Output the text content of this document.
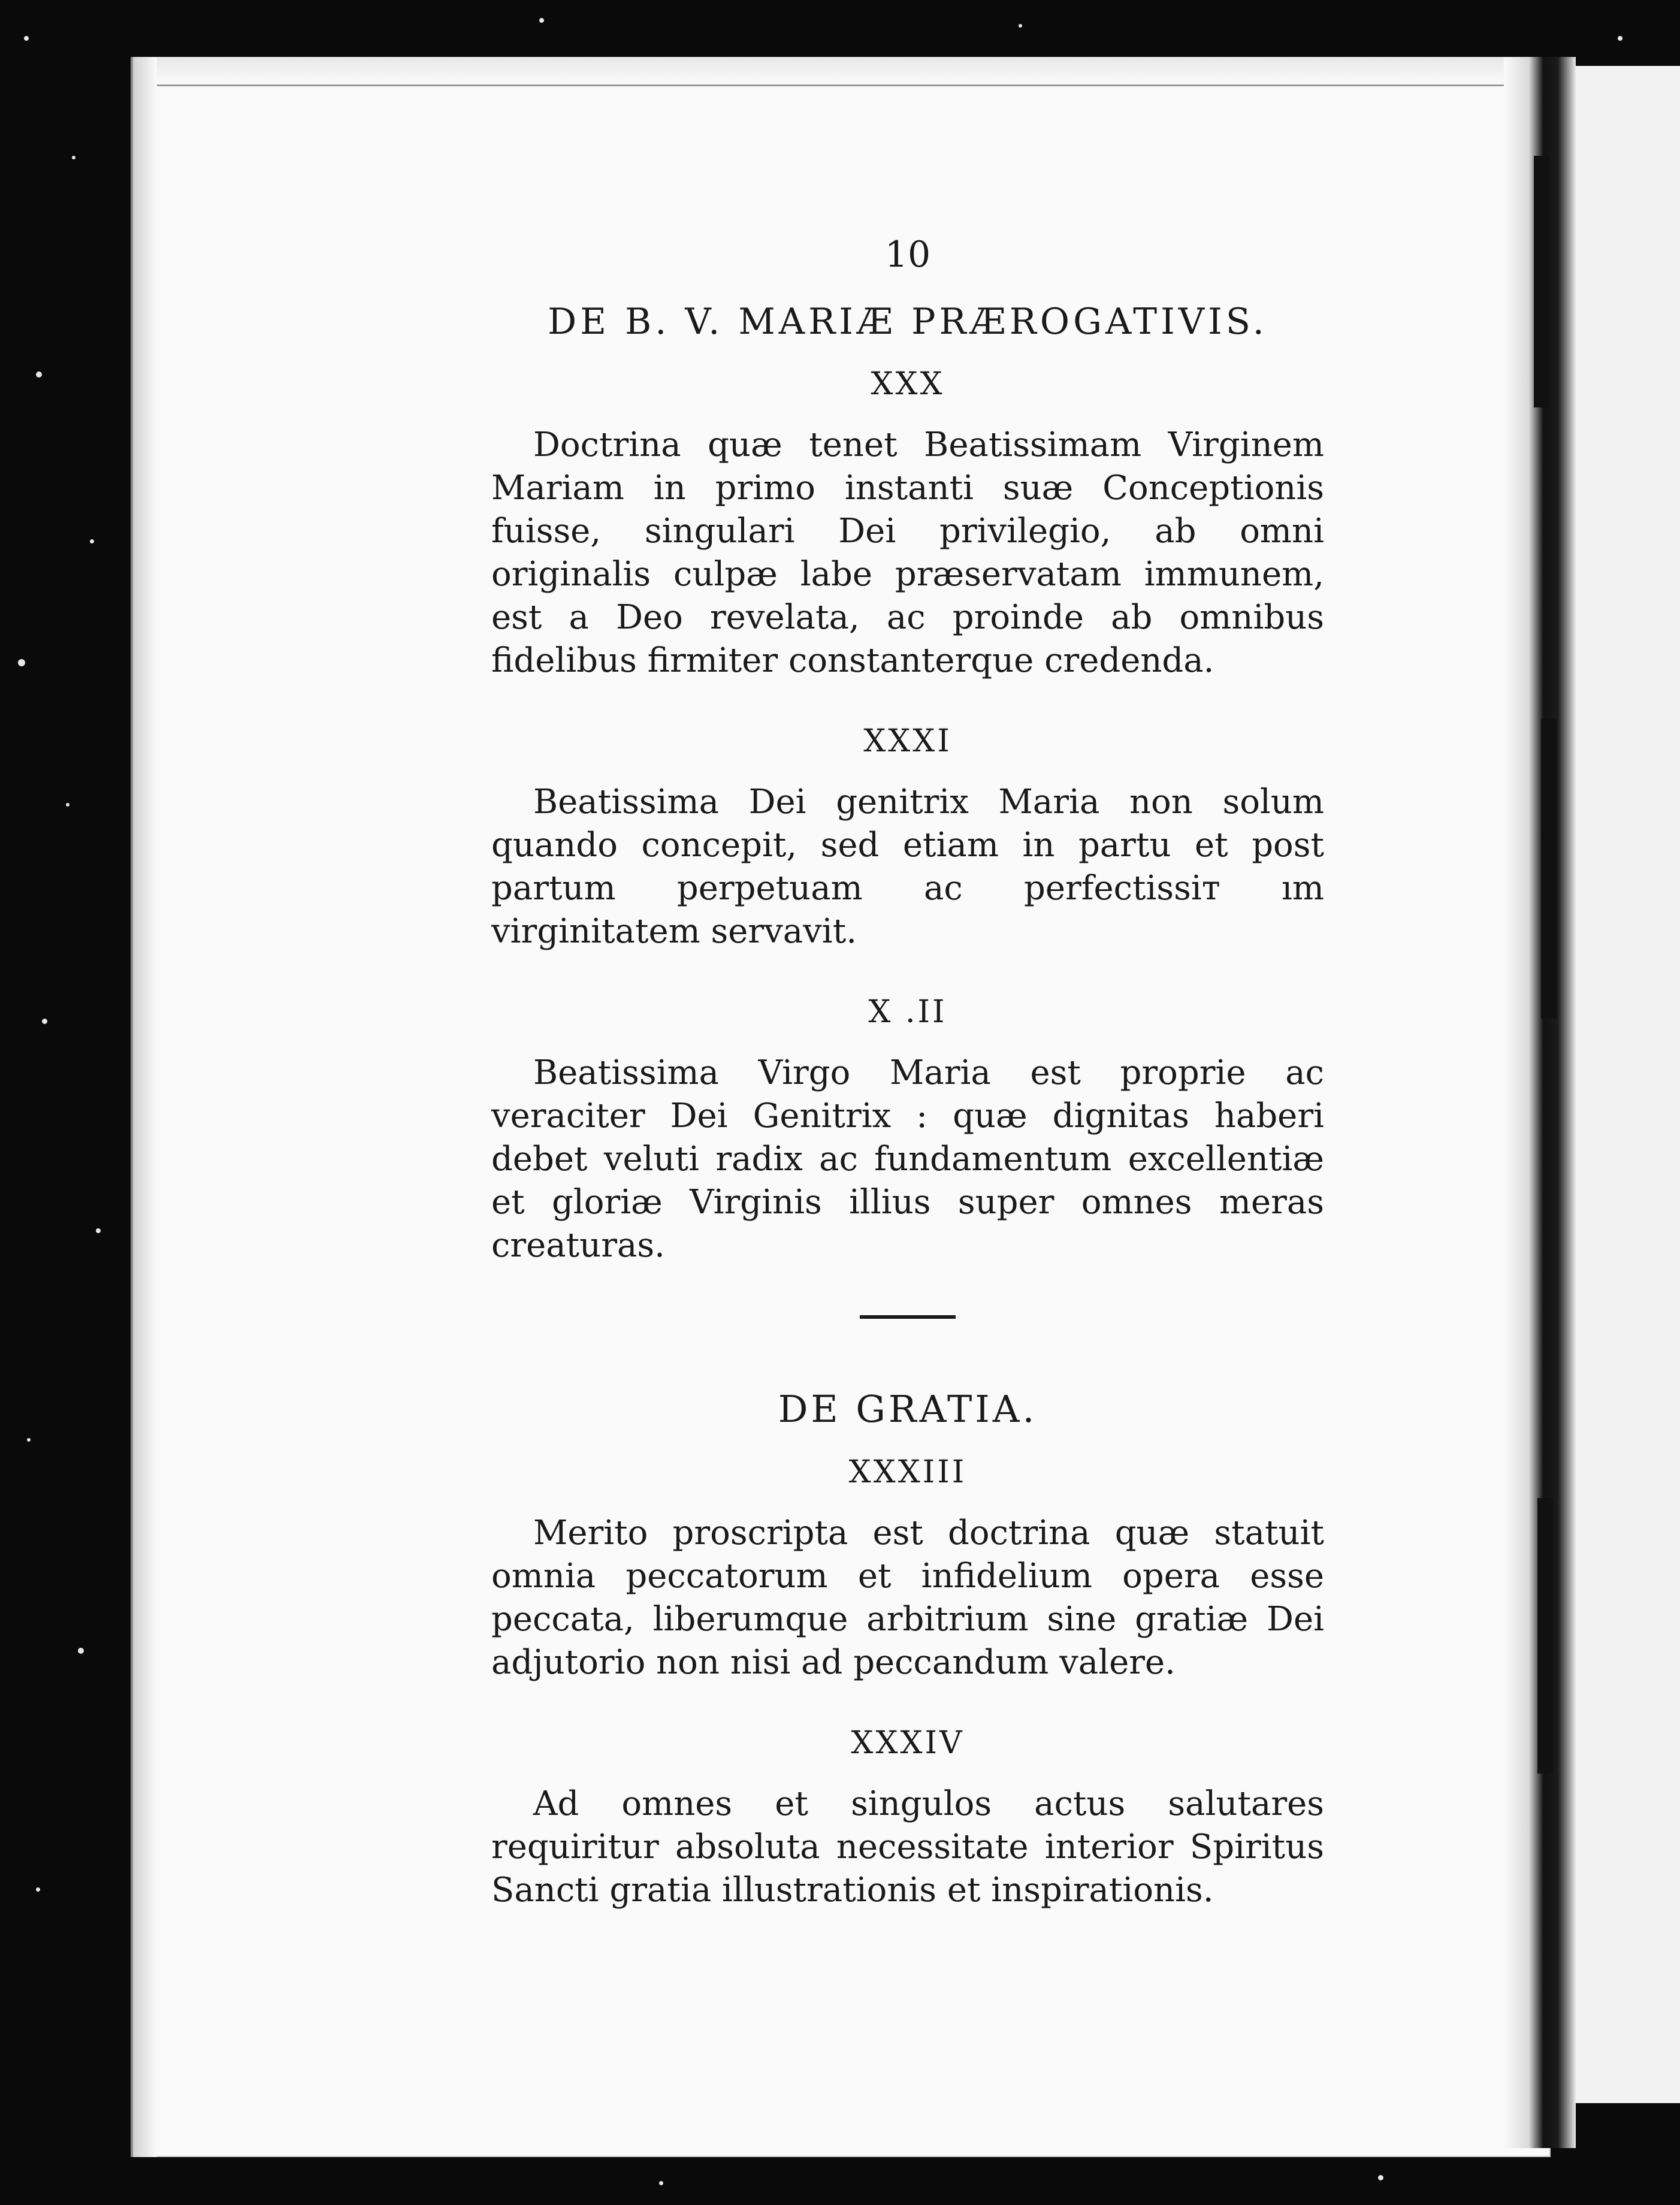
10
DE B. V. MARIÆ PRÆROGATIVIS.
XXX

Doctrina quæ tenet Beatissimam Virginem Mariam in primo instanti suæ Conceptionis fuisse, singulari Dei privilegio, ab omni originalis culpæ labe præservatam immunem, est a Deo revelata, ac proinde ab omnibus fidelibus firmiter constanterque credenda.

XXXI

Beatissima Dei genitrix Maria non solum quando concepit, sed etiam in partu et post partum perpetuam ac perfectissiт ım virginitatem servavit.

X .II

Beatissima Virgo Maria est proprie ac veraciter Dei Genitrix : quæ dignitas haberi debet veluti radix ac fundamentum excellentiæ et gloriæ Virginis illius super omnes meras creaturas.

DE GRATIA.
XXXIII

Merito proscripta est doctrina quæ statuit omnia peccatorum et infidelium opera esse peccata, liberumque arbitrium sine gratiæ Dei adjutorio non nisi ad peccandum valere.

XXXIV

Ad omnes et singulos actus salutares requiritur absoluta necessitate interior Spiritus Sancti gratia illustrationis et inspirationis.
